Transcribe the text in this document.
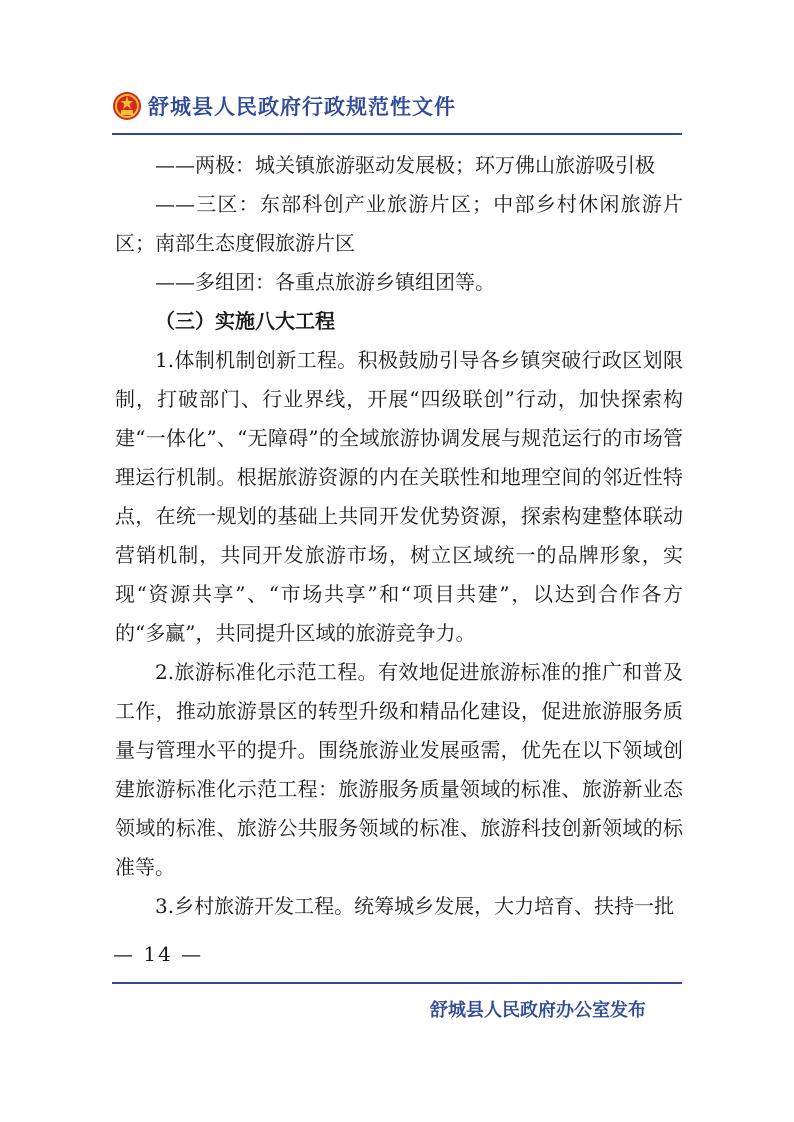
舒城县人民政府行政规范性文件

——两极：城关镇旅游驱动发展极；环万佛山旅游吸引极

——三区：东部科创产业旅游片区；中部乡村休闲旅游片区；南部生态度假旅游片区

——多组团：各重点旅游乡镇组团等。

（三）实施八大工程

1.体制机制创新工程。积极鼓励引导各乡镇突破行政区划限制，打破部门、行业界线，开展“四级联创”行动，加快探索构建“一体化”、“无障碍”的全域旅游协调发展与规范运行的市场管理运行机制。根据旅游资源的内在关联性和地理空间的邻近性特点，在统一规划的基础上共同开发优势资源，探索构建整体联动营销机制，共同开发旅游市场，树立区域统一的品牌形象，实现“资源共享”、“市场共享”和“项目共建”，以达到合作各方的“多赢”，共同提升区域的旅游竞争力。

2.旅游标准化示范工程。有效地促进旅游标准的推广和普及工作，推动旅游景区的转型升级和精品化建设，促进旅游服务质量与管理水平的提升。围绕旅游业发展亟需，优先在以下领域创建旅游标准化示范工程：旅游服务质量领域的标准、旅游新业态领域的标准、旅游公共服务领域的标准、旅游科技创新领域的标准等。

3.乡村旅游开发工程。统筹城乡发展，大力培育、扶持一批

— 14 —
舒城县人民政府办公室发布
